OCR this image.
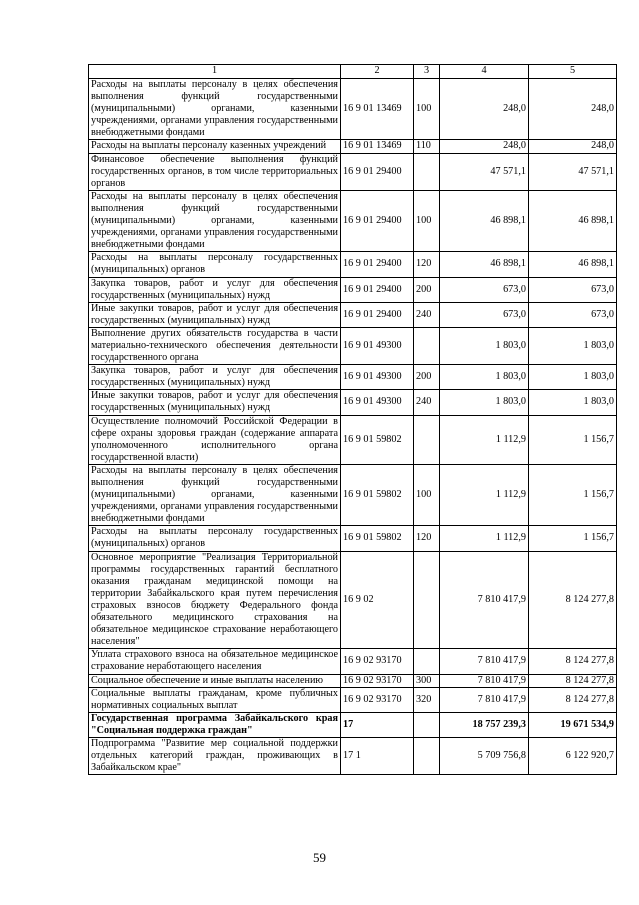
1	2	3	4	5
Расходы на выплаты персоналу в целях обеспечения выполнения функций государственными (муниципальными) органами, казенными учреждениями, органами управления государственными внебюджетными фондами	16 9 01 13469	100	248,0	248,0
Расходы на выплаты персоналу казенных учреждений	16 9 01 13469	110	248,0	248,0
Финансовое обеспечение выполнения функций государственных органов, в том числе территориальных органов	16 9 01 29400		47 571,1	47 571,1
Расходы на выплаты персоналу в целях обеспечения выполнения функций государственными (муниципальными) органами, казенными учреждениями, органами управления государственными внебюджетными фондами	16 9 01 29400	100	46 898,1	46 898,1
Расходы на выплаты персоналу государственных (муниципальных) органов	16 9 01 29400	120	46 898,1	46 898,1
Закупка товаров, работ и услуг для обеспечения государственных (муниципальных) нужд	16 9 01 29400	200	673,0	673,0
Иные закупки товаров, работ и услуг для обеспечения государственных (муниципальных) нужд	16 9 01 29400	240	673,0	673,0
Выполнение других обязательств государства в части материально-технического обеспечения деятельности государственного органа	16 9 01 49300		1 803,0	1 803,0
Закупка товаров, работ и услуг для обеспечения государственных (муниципальных) нужд	16 9 01 49300	200	1 803,0	1 803,0
Иные закупки товаров, работ и услуг для обеспечения государственных (муниципальных) нужд	16 9 01 49300	240	1 803,0	1 803,0
Осуществление полномочий Российской Федерации в сфере охраны здоровья граждан (содержание аппарата уполномоченного исполнительного органа государственной власти)	16 9 01 59802		1 112,9	1 156,7
Расходы на выплаты персоналу в целях обеспечения выполнения функций государственными (муниципальными) органами, казенными учреждениями, органами управления государственными внебюджетными фондами	16 9 01 59802	100	1 112,9	1 156,7
Расходы на выплаты персоналу государственных (муниципальных) органов	16 9 01 59802	120	1 112,9	1 156,7
Основное мероприятие "Реализация Территориальной программы государственных гарантий бесплатного оказания гражданам медицинской помощи на территории Забайкальского края путем перечисления страховых взносов бюджету Федерального фонда обязательного медицинского страхования на обязательное медицинское страхование неработающего населения"	16 9 02		7 810 417,9	8 124 277,8
Уплата страхового взноса на обязательное медицинское страхование неработающего населения	16 9 02 93170		7 810 417,9	8 124 277,8
Социальное обеспечение и иные выплаты населению	16 9 02 93170	300	7 810 417,9	8 124 277,8
Социальные выплаты гражданам, кроме публичных нормативных социальных выплат	16 9 02 93170	320	7 810 417,9	8 124 277,8
Государственная программа Забайкальского края "Социальная поддержка граждан"	17		18 757 239,3	19 671 534,9
Подпрограмма "Развитие мер социальной поддержки отдельных категорий граждан, проживающих в Забайкальском крае"	17 1		5 709 756,8	6 122 920,7
59
